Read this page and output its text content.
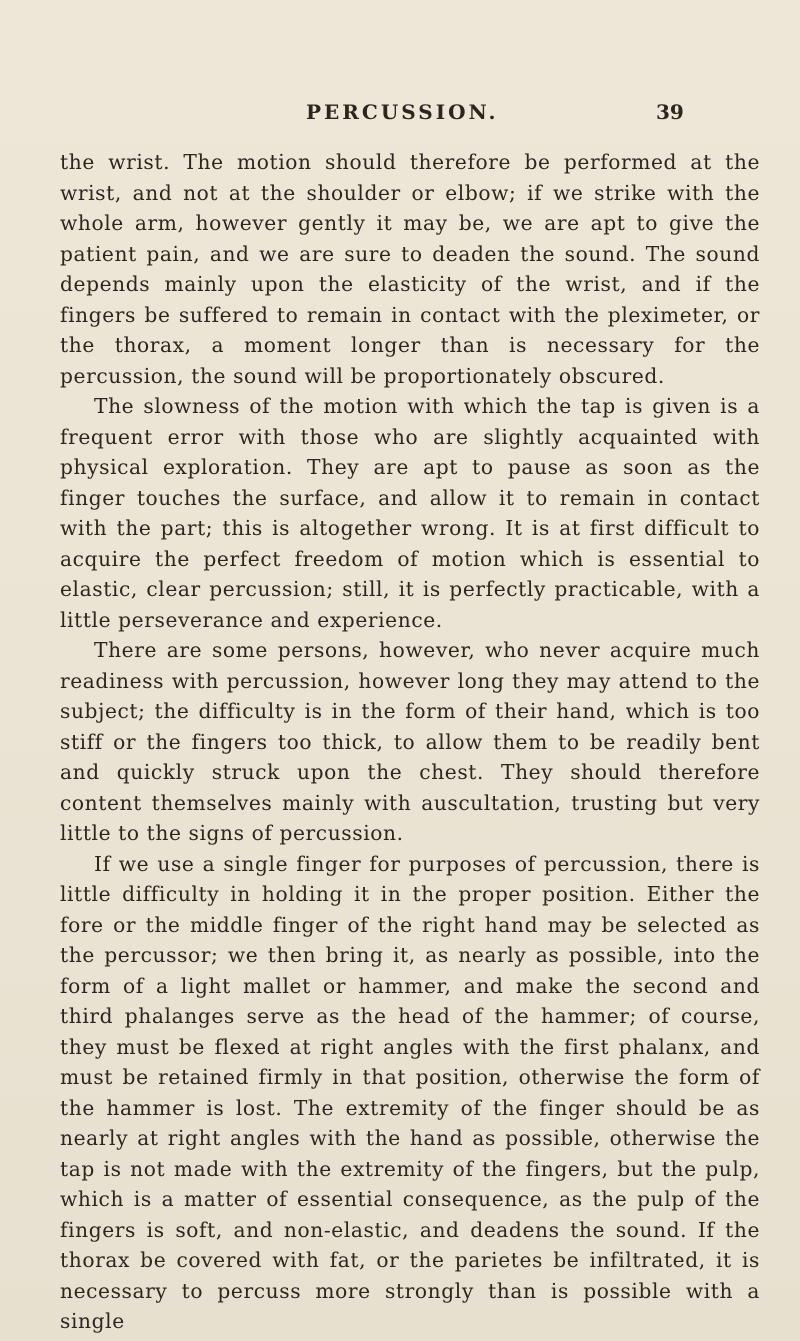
PERCUSSION.	39

the wrist. The motion should therefore be performed at the wrist, and not at the shoulder or elbow; if we strike with the whole arm, however gently it may be, we are apt to give the patient pain, and we are sure to deaden the sound. The sound depends mainly upon the elasticity of the wrist, and if the fingers be suffered to remain in contact with the pleximeter, or the thorax, a moment longer than is necessary for the percussion, the sound will be proportionately obscured.

The slowness of the motion with which the tap is given is a frequent error with those who are slightly acquainted with physical exploration. They are apt to pause as soon as the finger touches the surface, and allow it to remain in contact with the part; this is altogether wrong. It is at first difficult to acquire the perfect freedom of motion which is essential to elastic, clear percussion; still, it is perfectly practicable, with a little perseverance and experience.

There are some persons, however, who never acquire much readiness with percussion, however long they may attend to the subject; the difficulty is in the form of their hand, which is too stiff or the fingers too thick, to allow them to be readily bent and quickly struck upon the chest. They should therefore content themselves mainly with auscultation, trusting but very little to the signs of percussion.

If we use a single finger for purposes of percussion, there is little difficulty in holding it in the proper position. Either the fore or the middle finger of the right hand may be selected as the percussor; we then bring it, as nearly as possible, into the form of a light mallet or hammer, and make the second and third phalanges serve as the head of the hammer; of course, they must be flexed at right angles with the first phalanx, and must be retained firmly in that position, otherwise the form of the hammer is lost. The extremity of the finger should be as nearly at right angles with the hand as possible, otherwise the tap is not made with the extremity of the fingers, but the pulp, which is a matter of essential consequence, as the pulp of the fingers is soft, and non-elastic, and deadens the sound. If the thorax be covered with fat, or the parietes be infiltrated, it is necessary to percuss more strongly than is possible with a single
